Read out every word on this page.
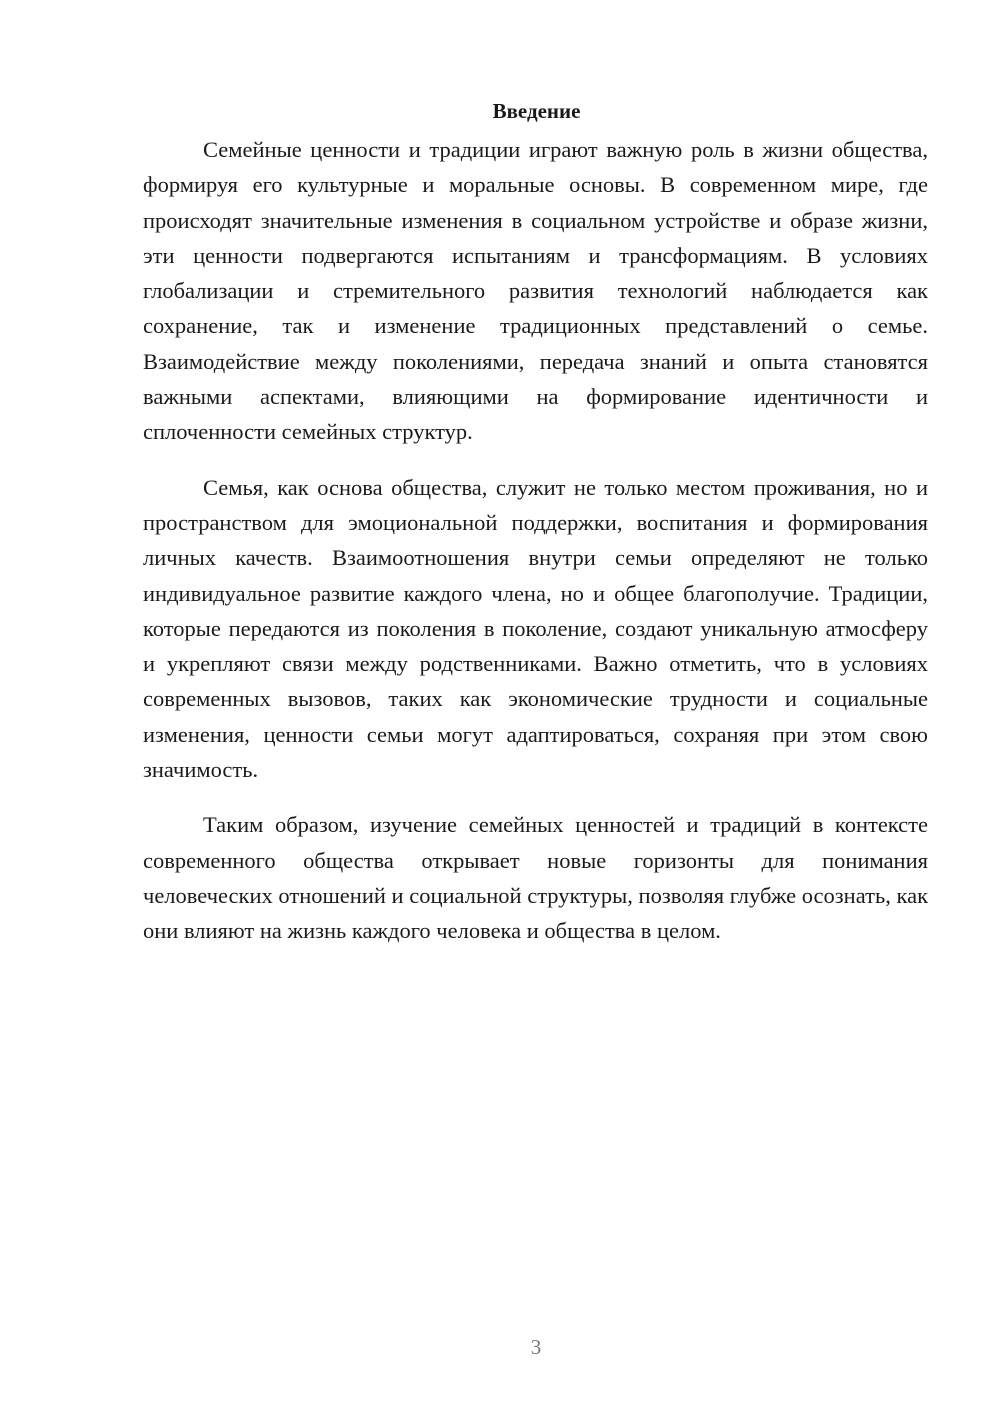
Введение

Семейные ценности и традиции играют важную роль в жизни общества, формируя его культурные и моральные основы. В современном мире, где происходят значительные изменения в социальном устройстве и образе жизни, эти ценности подвергаются испытаниям и трансформациям. В условиях глобализации и стремительного развития технологий наблюдается как сохранение, так и изменение традиционных представлений о семье. Взаимодействие между поколениями, передача знаний и опыта становятся важными аспектами, влияющими на формирование идентичности и сплоченности семейных структур.

Семья, как основа общества, служит не только местом проживания, но и пространством для эмоциональной поддержки, воспитания и формирования личных качеств. Взаимоотношения внутри семьи определяют не только индивидуальное развитие каждого члена, но и общее благополучие. Традиции, которые передаются из поколения в поколение, создают уникальную атмосферу и укрепляют связи между родственниками. Важно отметить, что в условиях современных вызовов, таких как экономические трудности и социальные изменения, ценности семьи могут адаптироваться, сохраняя при этом свою значимость.

Таким образом, изучение семейных ценностей и традиций в контексте современного общества открывает новые горизонты для понимания человеческих отношений и социальной структуры, позволяя глубже осознать, как они влияют на жизнь каждого человека и общества в целом.

3
